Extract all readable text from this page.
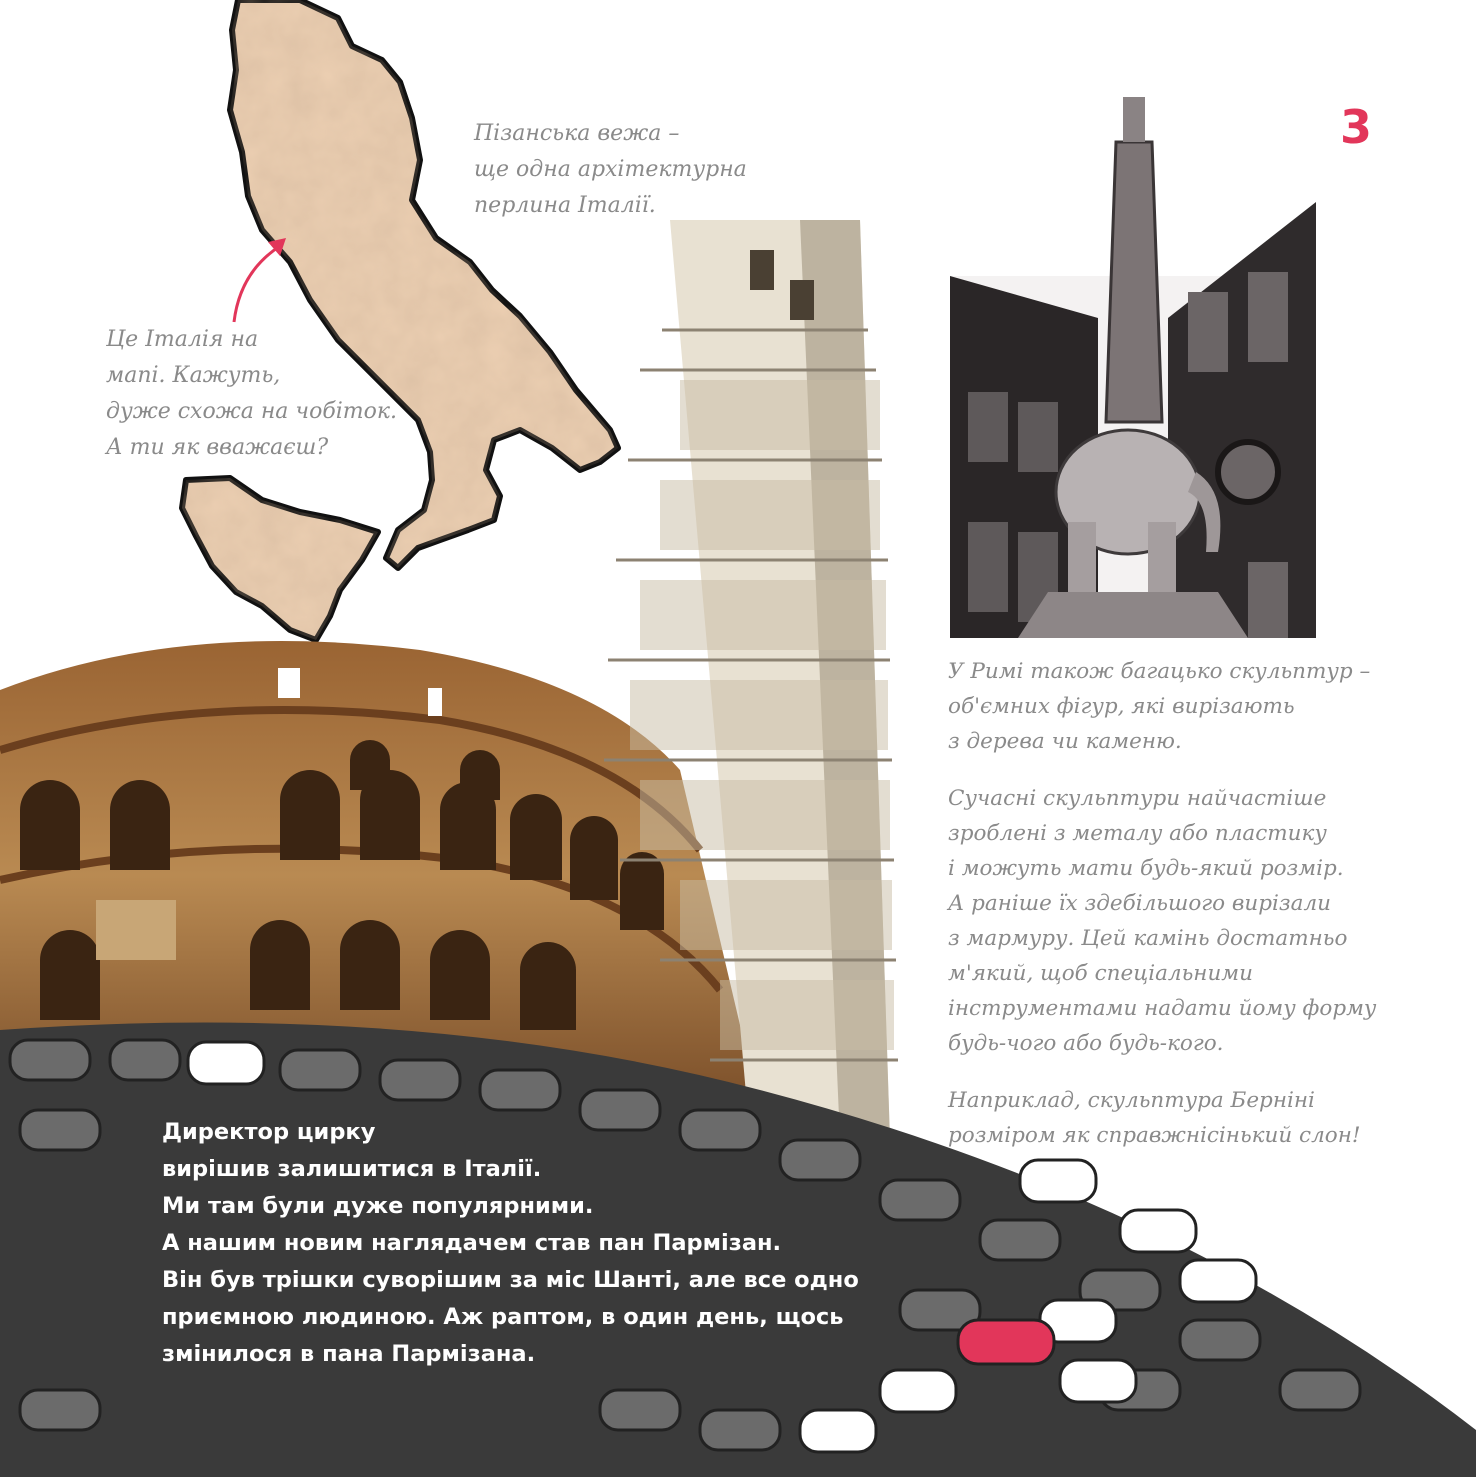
Пізанська вежа –
ще одна архітектурна
перлина Італії.
Це Італія на
мапі. Кажуть,
дуже схожа на чобіток.
А ти як вважаєш?
3
У Римі також багацько скульптур –
об'ємних фігур, які вирізають
з дерева чи каменю.
Сучасні скульптури найчастіше
зроблені з металу або пластику
і можуть мати будь-який розмір.
А раніше їх здебільшого вирізали
з мармуру. Цей камінь достатньо
м'який, щоб спеціальними
інструментами надати йому форму
будь-чого або будь-кого.
Наприклад, скульптура Берніні
розміром як справжнісінький слон!
Директор цирку
вирішив залишитися в Італії.
Ми там були дуже популярними.
А нашим новим наглядачем став пан Пармізан.
Він був трішки суворішим за міс Шанті, але все одно
приємною людиною. Аж раптом, в один день, щось
змінилося в пана Пармізана.
